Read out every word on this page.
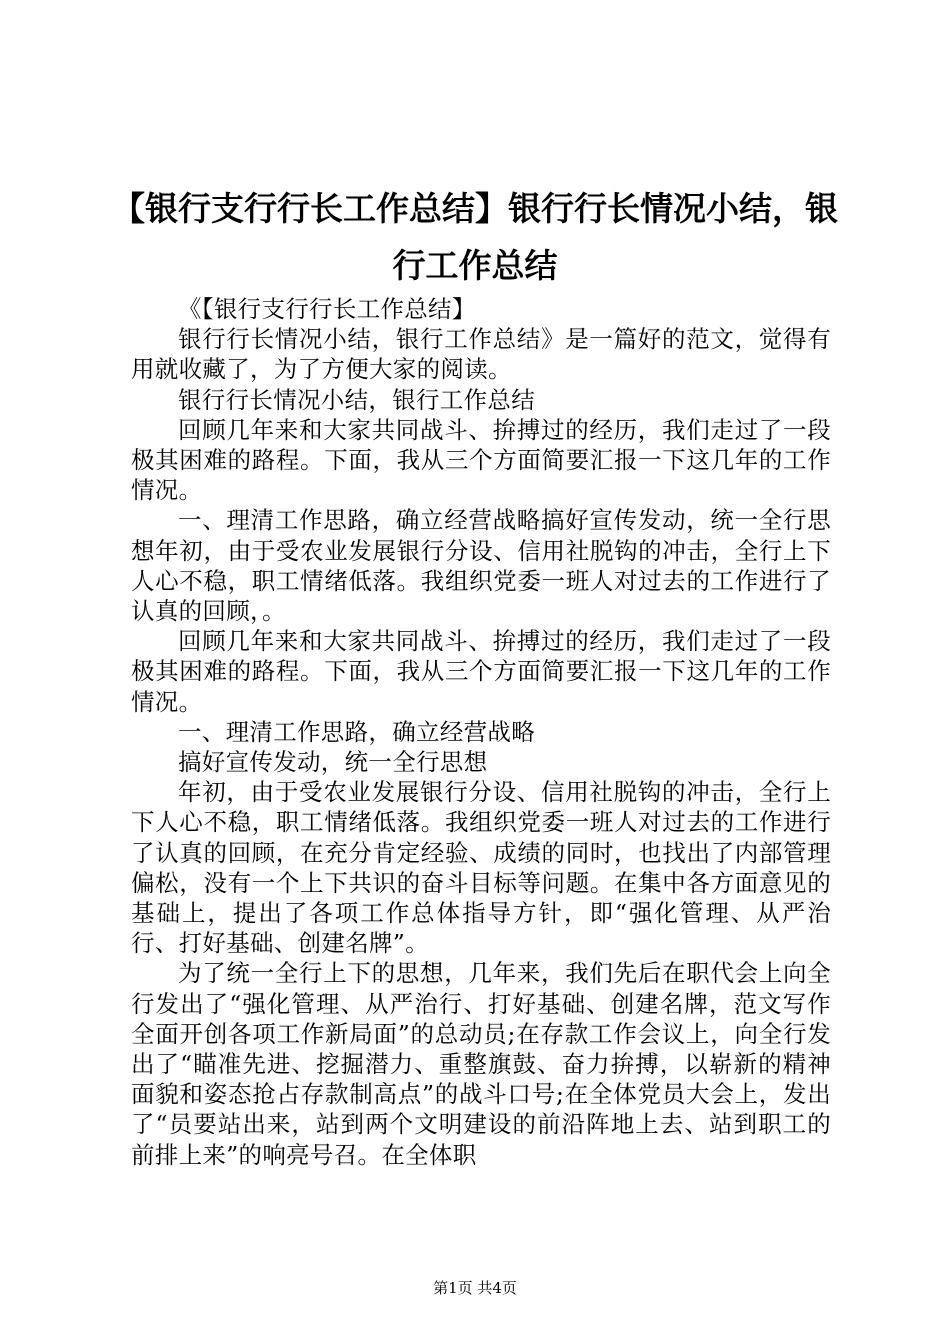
【银行支行行长工作总结】银行行长情况小结，银行工作总结

《【银行支行行长工作总结】

银行行长情况小结，银行工作总结》是一篇好的范文，觉得有用就收藏了，为了方便大家的阅读。

银行行长情况小结，银行工作总结

回顾几年来和大家共同战斗、拚搏过的经历，我们走过了一段极其困难的路程。下面，我从三个方面简要汇报一下这几年的工作情况。

一、理清工作思路，确立经营战略搞好宣传发动，统一全行思想年初，由于受农业发展银行分设、信用社脱钩的冲击，全行上下人心不稳，职工情绪低落。我组织党委一班人对过去的工作进行了认真的回顾，。

回顾几年来和大家共同战斗、拚搏过的经历，我们走过了一段极其困难的路程。下面，我从三个方面简要汇报一下这几年的工作情况。

一、理清工作思路，确立经营战略

搞好宣传发动，统一全行思想

年初，由于受农业发展银行分设、信用社脱钩的冲击，全行上下人心不稳，职工情绪低落。我组织党委一班人对过去的工作进行了认真的回顾，在充分肯定经验、成绩的同时，也找出了内部管理偏松，没有一个上下共识的奋斗目标等问题。在集中各方面意见的基础上，提出了各项工作总体指导方针，即“强化管理、从严治行、打好基础、创建名牌”。

为了统一全行上下的思想，几年来，我们先后在职代会上向全行发出了“强化管理、从严治行、打好基础、创建名牌，范文写作全面开创各项工作新局面”的总动员;在存款工作会议上，向全行发出了“瞄准先进、挖掘潜力、重整旗鼓、奋力拚搏，以崭新的精神面貌和姿态抢占存款制高点”的战斗口号;在全体党员大会上，发出了“员要站出来，站到两个文明建设的前沿阵地上去、站到职工的前排上来”的响亮号召。在全体职

第1页 共4页
